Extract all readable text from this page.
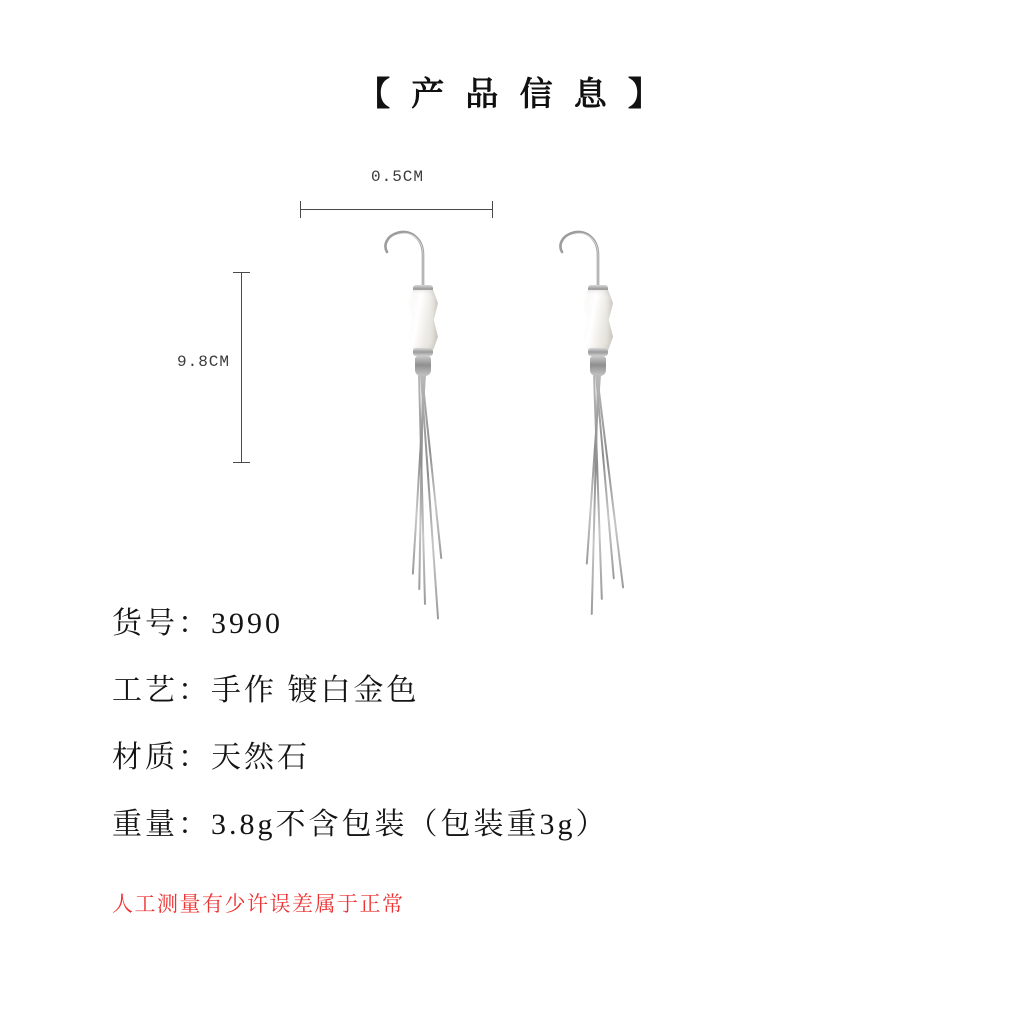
【 产 品 信 息 】
0.5CM
9.8CM
货号：3990
工艺：手作 镀白金色
材质：天然石
重量：3.8g不含包装（包装重3g）
人工测量有少许误差属于正常
